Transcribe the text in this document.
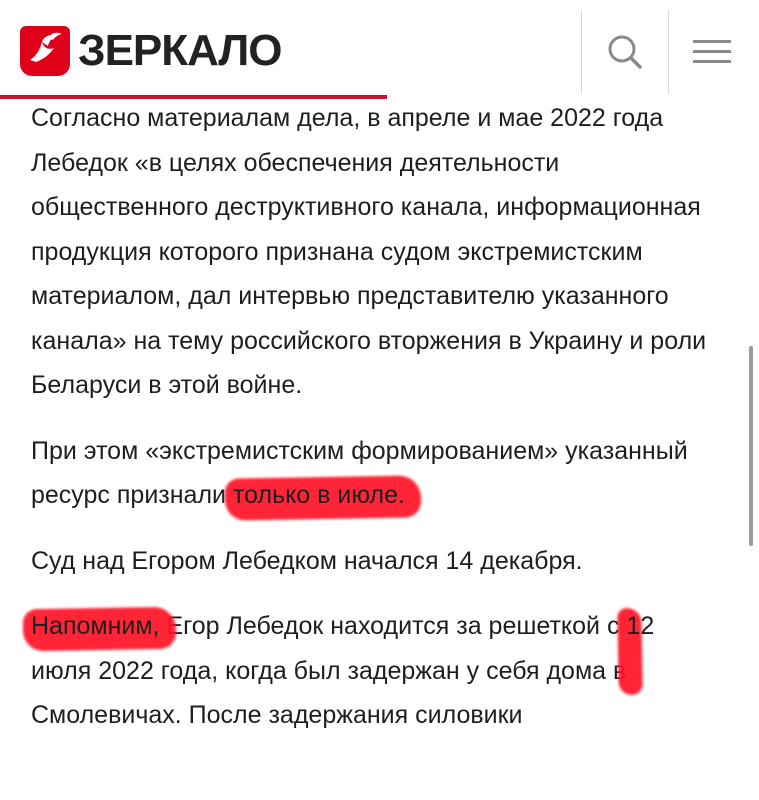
ЗЕРКАЛО

Согласно материалам дела, в апреле и мае 2022 года Лебедок «в целях обеспечения деятельности общественного деструктивного канала, информационная продукция которого признана судом экстремистским материалом, дал интервью представителю указанного канала» на тему российского вторжения в Украину и роли Беларуси в этой войне.

При этом «экстремистским формированием» указанный ресурс признали только в июле.

Суд над Егором Лебедком начался 14 декабря.

Напомним, Егор Лебедок находится за решеткой с 12 июля 2022 года, когда был задержан у себя дома в Смолевичах. После задержания силовики
